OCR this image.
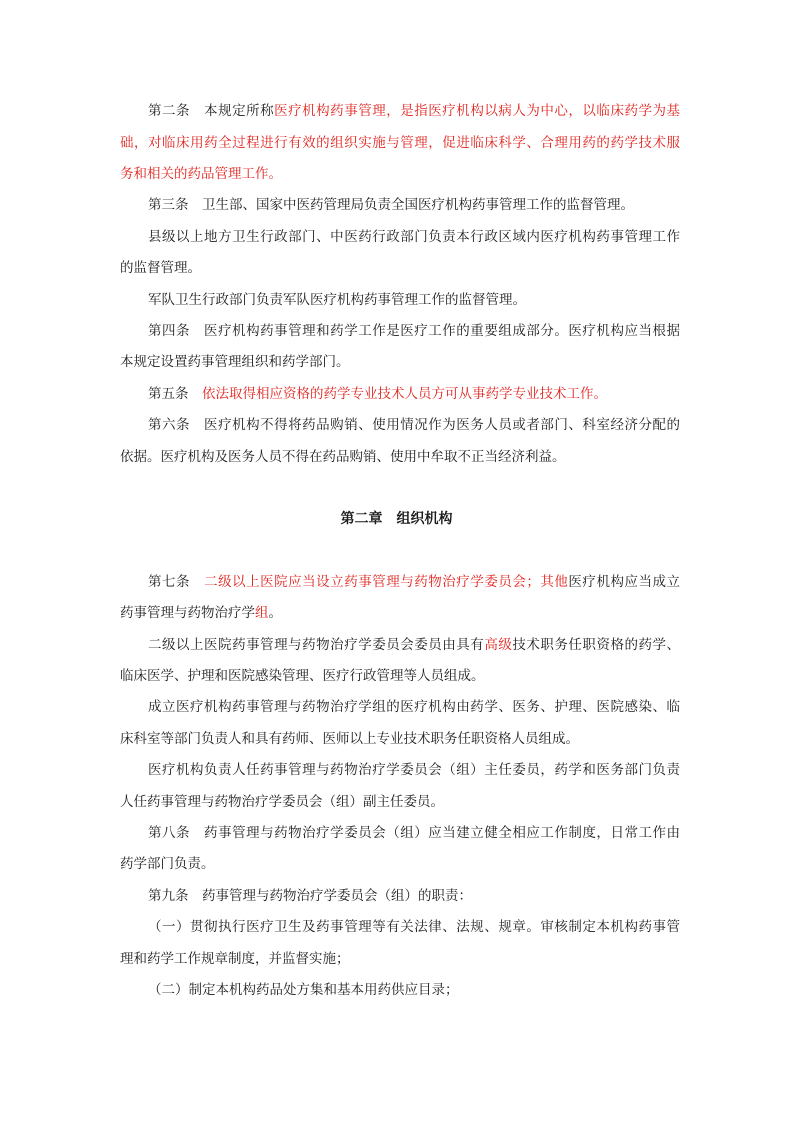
第二条　本规定所称医疗机构药事管理，是指医疗机构以病人为中心，以临床药学为基
础，对临床用药全过程进行有效的组织实施与管理，促进临床科学、合理用药的药学技术服
务和相关的药品管理工作。
第三条　卫生部、国家中医药管理局负责全国医疗机构药事管理工作的监督管理。
县级以上地方卫生行政部门、中医药行政部门负责本行政区域内医疗机构药事管理工作
的监督管理。
军队卫生行政部门负责军队医疗机构药事管理工作的监督管理。
第四条　医疗机构药事管理和药学工作是医疗工作的重要组成部分。医疗机构应当根据
本规定设置药事管理组织和药学部门。
第五条　依法取得相应资格的药学专业技术人员方可从事药学专业技术工作。
第六条　医疗机构不得将药品购销、使用情况作为医务人员或者部门、科室经济分配的
依据。医疗机构及医务人员不得在药品购销、使用中牟取不正当经济利益。
第二章　组织机构
第七条　二级以上医院应当设立药事管理与药物治疗学委员会；其他医疗机构应当成立
药事管理与药物治疗学组。
二级以上医院药事管理与药物治疗学委员会委员由具有高级技术职务任职资格的药学、
临床医学、护理和医院感染管理、医疗行政管理等人员组成。
成立医疗机构药事管理与药物治疗学组的医疗机构由药学、医务、护理、医院感染、临
床科室等部门负责人和具有药师、医师以上专业技术职务任职资格人员组成。
医疗机构负责人任药事管理与药物治疗学委员会（组）主任委员，药学和医务部门负责
人任药事管理与药物治疗学委员会（组）副主任委员。
第八条　药事管理与药物治疗学委员会（组）应当建立健全相应工作制度，日常工作由
药学部门负责。
第九条　药事管理与药物治疗学委员会（组）的职责：
（一）贯彻执行医疗卫生及药事管理等有关法律、法规、规章。审核制定本机构药事管
理和药学工作规章制度，并监督实施；
（二）制定本机构药品处方集和基本用药供应目录；
